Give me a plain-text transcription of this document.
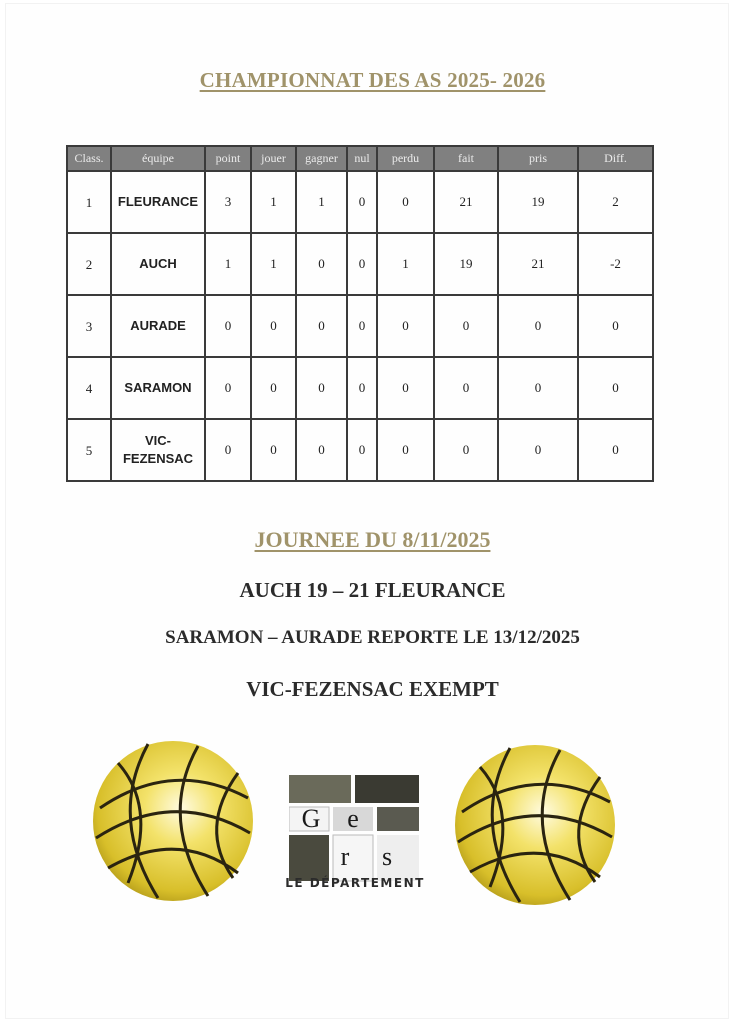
CHAMPIONNAT DES AS 2025- 2026
Class.	équipe	point	jouer	gagner	nul	perdu	fait	pris	Diff.
1	FLEURANCE	3	1	1	0	0	21	19	2
2	AUCH	1	1	0	0	1	19	21	-2
3	AURADE	0	0	0	0	0	0	0	0
4	SARAMON	0	0	0	0	0	0	0	0
5	VIC-
FEZENSAC	0	0	0	0	0	0	0	0
JOURNEE DU 8/11/2025
AUCH 19 – 21 FLEURANCE
SARAMON – AURADE REPORTE LE 13/12/2025
VIC-FEZENSAC EXEMPT
G e
r s
LE DÉPARTEMENT
